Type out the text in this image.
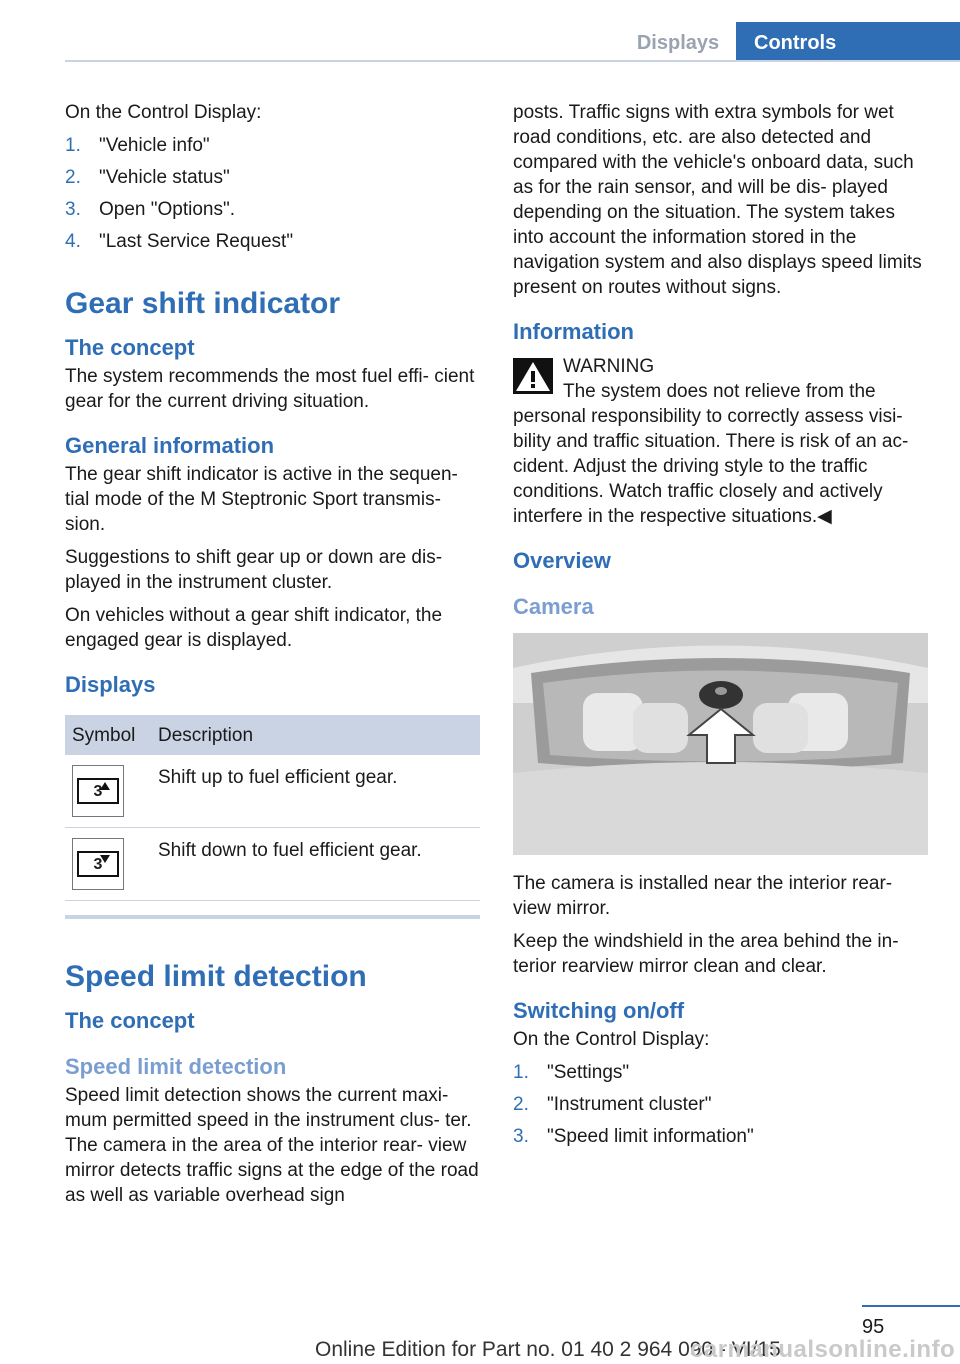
Displays	Controls

On the Control Display:

1. "Vehicle info"
2. "Vehicle status"
3. Open "Options".
4. "Last Service Request"
Gear shift indicator
The concept

The system recommends the most fuel effi‐ cient gear for the current driving situation.

General information

The gear shift indicator is active in the sequen‐ tial mode of the M Steptronic Sport transmis‐ sion.

Suggestions to shift gear up or down are dis‐ played in the instrument cluster.

On vehicles without a gear shift indicator, the engaged gear is displayed.

Displays
Symbol	Description

3	Shift up to fuel efficient gear.

3	Shift down to fuel efficient gear.
Speed limit detection
The concept
Speed limit detection

Speed limit detection shows the current maxi‐ mum permitted speed in the instrument clus‐ ter. The camera in the area of the interior rear‐ view mirror detects traffic signs at the edge of the road as well as variable overhead sign

posts. Traffic signs with extra symbols for wet road conditions, etc. are also detected and compared with the vehicle's onboard data, such as for the rain sensor, and will be dis‐ played depending on the situation. The system takes into account the information stored in the navigation system and also displays speed limits present on routes without signs.

Information
WARNING
The system does not relieve from the

personal responsibility to correctly assess visi‐ bility and traffic situation. There is risk of an ac‐ cident. Adjust the driving style to the traffic conditions. Watch traffic closely and actively interfere in the respective situations.◀

Overview
Camera

The camera is installed near the interior rear‐ view mirror.

Keep the windshield in the area behind the in‐ terior rearview mirror clean and clear.

Switching on/off

On the Control Display:

1. "Settings"
2. "Instrument cluster"
3. "Speed limit information"
95
Online Edition for Part no. 01 40 2 964 090 - VI/15
carmanualsonline.info
